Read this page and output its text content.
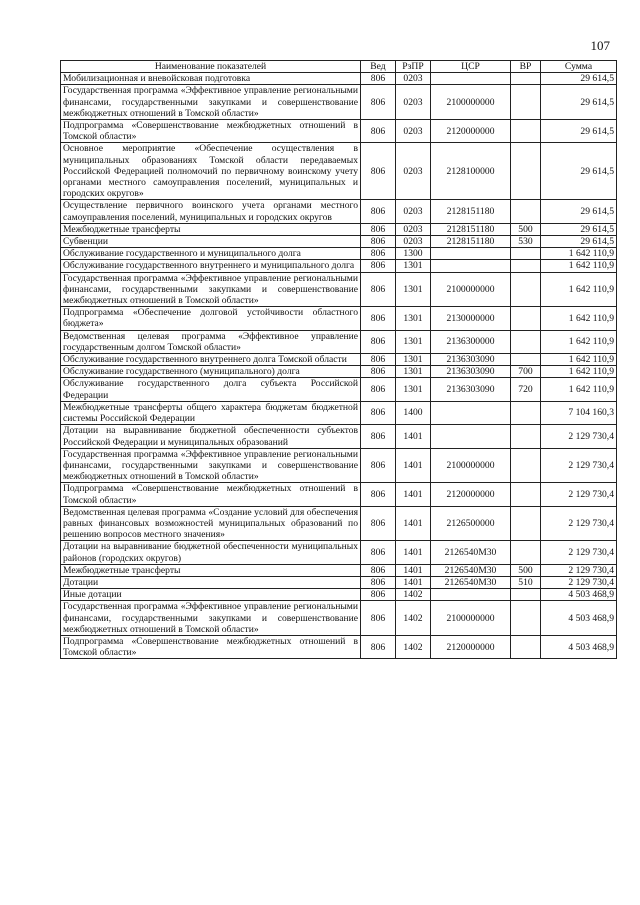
107
Наименование показателей	Вед	РзПР	ЦСР	ВР	Сумма
Мобилизационная и вневойсковая подготовка	806	0203			29 614,5
Государственная программа «Эффективное управление региональными финансами, государственными закупками и совершенствование межбюджетных отношений в Томской области»	806	0203	2100000000		29 614,5
Подпрограмма «Совершенствование межбюджетных отношений в Томской области»	806	0203	2120000000		29 614,5
Основное мероприятие «Обеспечение осуществления в муниципальных образованиях Томской области передаваемых Российской Федерацией полномочий по первичному воинскому учету органами местного самоуправления поселений, муниципальных и городских округов»	806	0203	2128100000		29 614,5
Осуществление первичного воинского учета органами местного самоуправления поселений, муниципальных и городских округов	806	0203	2128151180		29 614,5
Межбюджетные трансферты	806	0203	2128151180	500	29 614,5
Субвенции	806	0203	2128151180	530	29 614,5
Обслуживание государственного и муниципального долга	806	1300			1 642 110,9
Обслуживание государственного внутреннего и муниципального долга	806	1301			1 642 110,9
Государственная программа «Эффективное управление региональными финансами, государственными закупками и совершенствование межбюджетных отношений в Томской области»	806	1301	2100000000		1 642 110,9
Подпрограмма «Обеспечение долговой устойчивости областного бюджета»	806	1301	2130000000		1 642 110,9
Ведомственная целевая программа «Эффективное управление государственным долгом Томской области»	806	1301	2136300000		1 642 110,9
Обслуживание государственного внутреннего долга Томской области	806	1301	2136303090		1 642 110,9
Обслуживание государственного (муниципального) долга	806	1301	2136303090	700	1 642 110,9
Обслуживание государственного долга субъекта Российской Федерации	806	1301	2136303090	720	1 642 110,9
Межбюджетные трансферты общего характера бюджетам бюджетной системы Российской Федерации	806	1400			7 104 160,3
Дотации на выравнивание бюджетной обеспеченности субъектов Российской Федерации и муниципальных образований	806	1401			2 129 730,4
Государственная программа «Эффективное управление региональными финансами, государственными закупками и совершенствование межбюджетных отношений в Томской области»	806	1401	2100000000		2 129 730,4
Подпрограмма «Совершенствование межбюджетных отношений в Томской области»	806	1401	2120000000		2 129 730,4
Ведомственная целевая программа «Создание условий для обеспечения равных финансовых возможностей муниципальных образований по решению вопросов местного значения»	806	1401	2126500000		2 129 730,4
Дотации на выравнивание бюджетной обеспеченности муниципальных районов (городских округов)	806	1401	2126540М30		2 129 730,4
Межбюджетные трансферты	806	1401	2126540М30	500	2 129 730,4
Дотации	806	1401	2126540М30	510	2 129 730,4
Иные дотации	806	1402			4 503 468,9
Государственная программа «Эффективное управление региональными финансами, государственными закупками и совершенствование межбюджетных отношений в Томской области»	806	1402	2100000000		4 503 468,9
Подпрограмма «Совершенствование межбюджетных отношений в Томской области»	806	1402	2120000000		4 503 468,9
